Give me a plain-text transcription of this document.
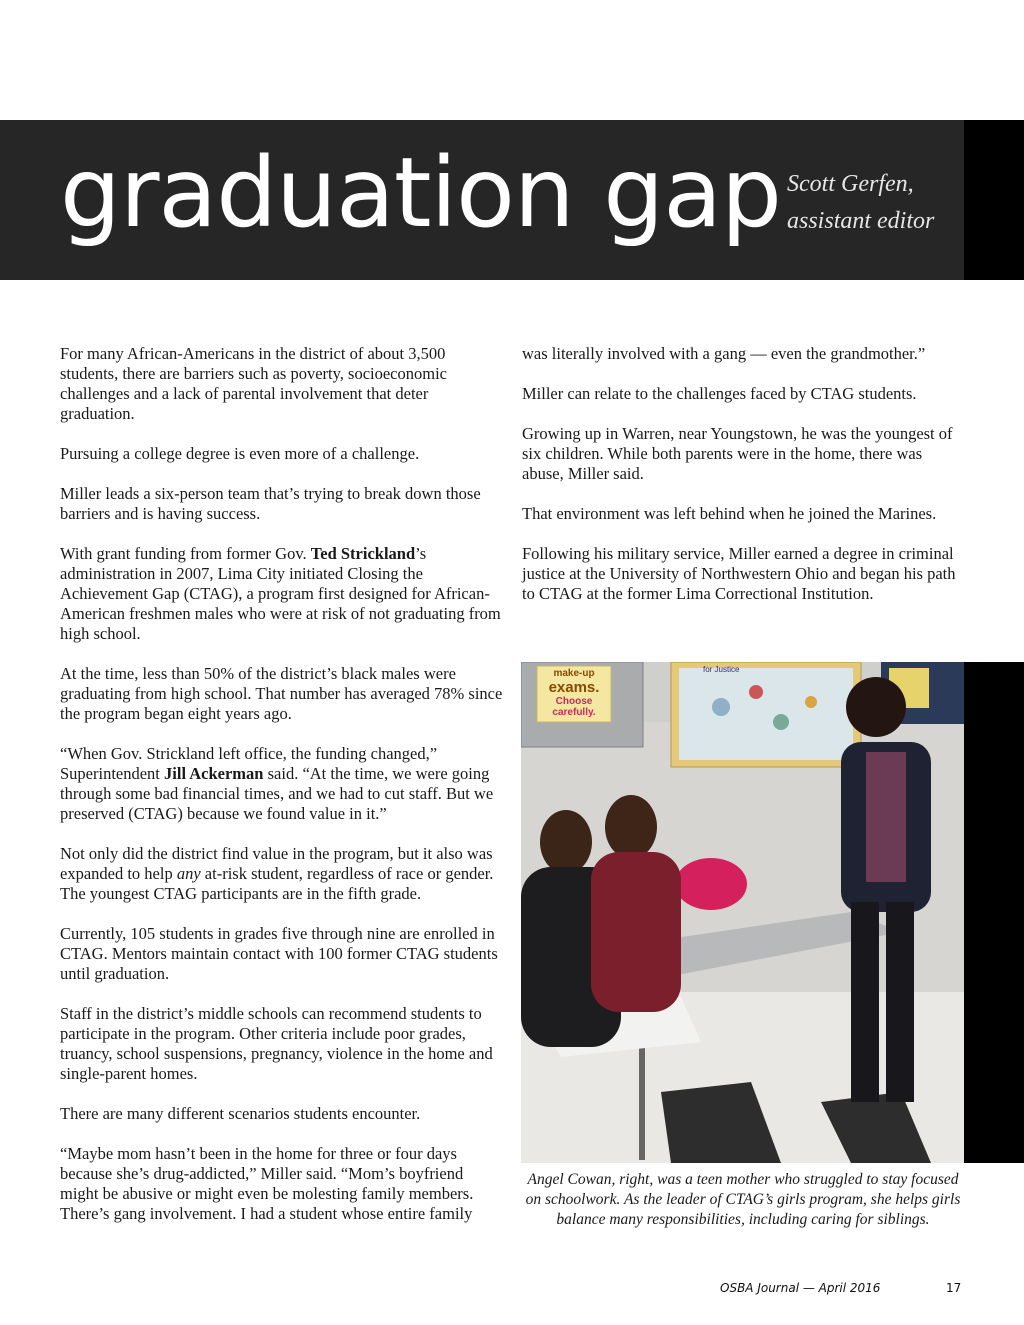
graduation gap Scott Gerfen,
assistant editor

For many African-Americans in the district of about 3,500 students, there are barriers such as poverty, socioeconomic challenges and a lack of parental involvement that deter graduation.

Pursuing a college degree is even more of a challenge.

Miller leads a six-person team that’s trying to break down those barriers and is having success.

With grant funding from former Gov. Ted Strickland’s administration in 2007, Lima City initiated Closing the Achievement Gap (CTAG), a program first designed for African-American freshmen males who were at risk of not graduating from high school.

At the time, less than 50% of the district’s black males were graduating from high school. That number has averaged 78% since the program began eight years ago.

“When Gov. Strickland left office, the funding changed,” Superintendent Jill Ackerman said. “At the time, we were going through some bad financial times, and we had to cut staff. But we preserved (CTAG) because we found value in it.”

Not only did the district find value in the program, but it also was expanded to help any at-risk student, regardless of race or gender. The youngest CTAG participants are in the fifth grade.

Currently, 105 students in grades five through nine are enrolled in CTAG. Mentors maintain contact with 100 former CTAG students until graduation.

Staff in the district’s middle schools can recommend students to participate in the program. Other criteria include poor grades, truancy, school suspensions, pregnancy, violence in the home and single-parent homes.

There are many different scenarios students encounter.

“Maybe mom hasn’t been in the home for three or four days because she’s drug-addicted,” Miller said. “Mom’s boyfriend might be abusive or might even be molesting family members. There’s gang involvement. I had a student whose entire family

was literally involved with a gang — even the grandmother.”

Miller can relate to the challenges faced by CTAG students.

Growing up in Warren, near Youngstown, he was the youngest of six children. While both parents were in the home, there was abuse, Miller said.

That environment was left behind when he joined the Marines.

Following his military service, Miller earned a degree in criminal justice at the University of Northwestern Ohio and began his path to CTAG at the former Lima Correctional Institution.

make-up
exams.
Choose
carefully.
for Justice
Angel Cowan, right, was a teen mother who struggled to stay focused on schoolwork. As the leader of CTAG’s girls program, she helps girls balance many responsibilities, including caring for siblings.
OSBA Journal — April 2016	17
